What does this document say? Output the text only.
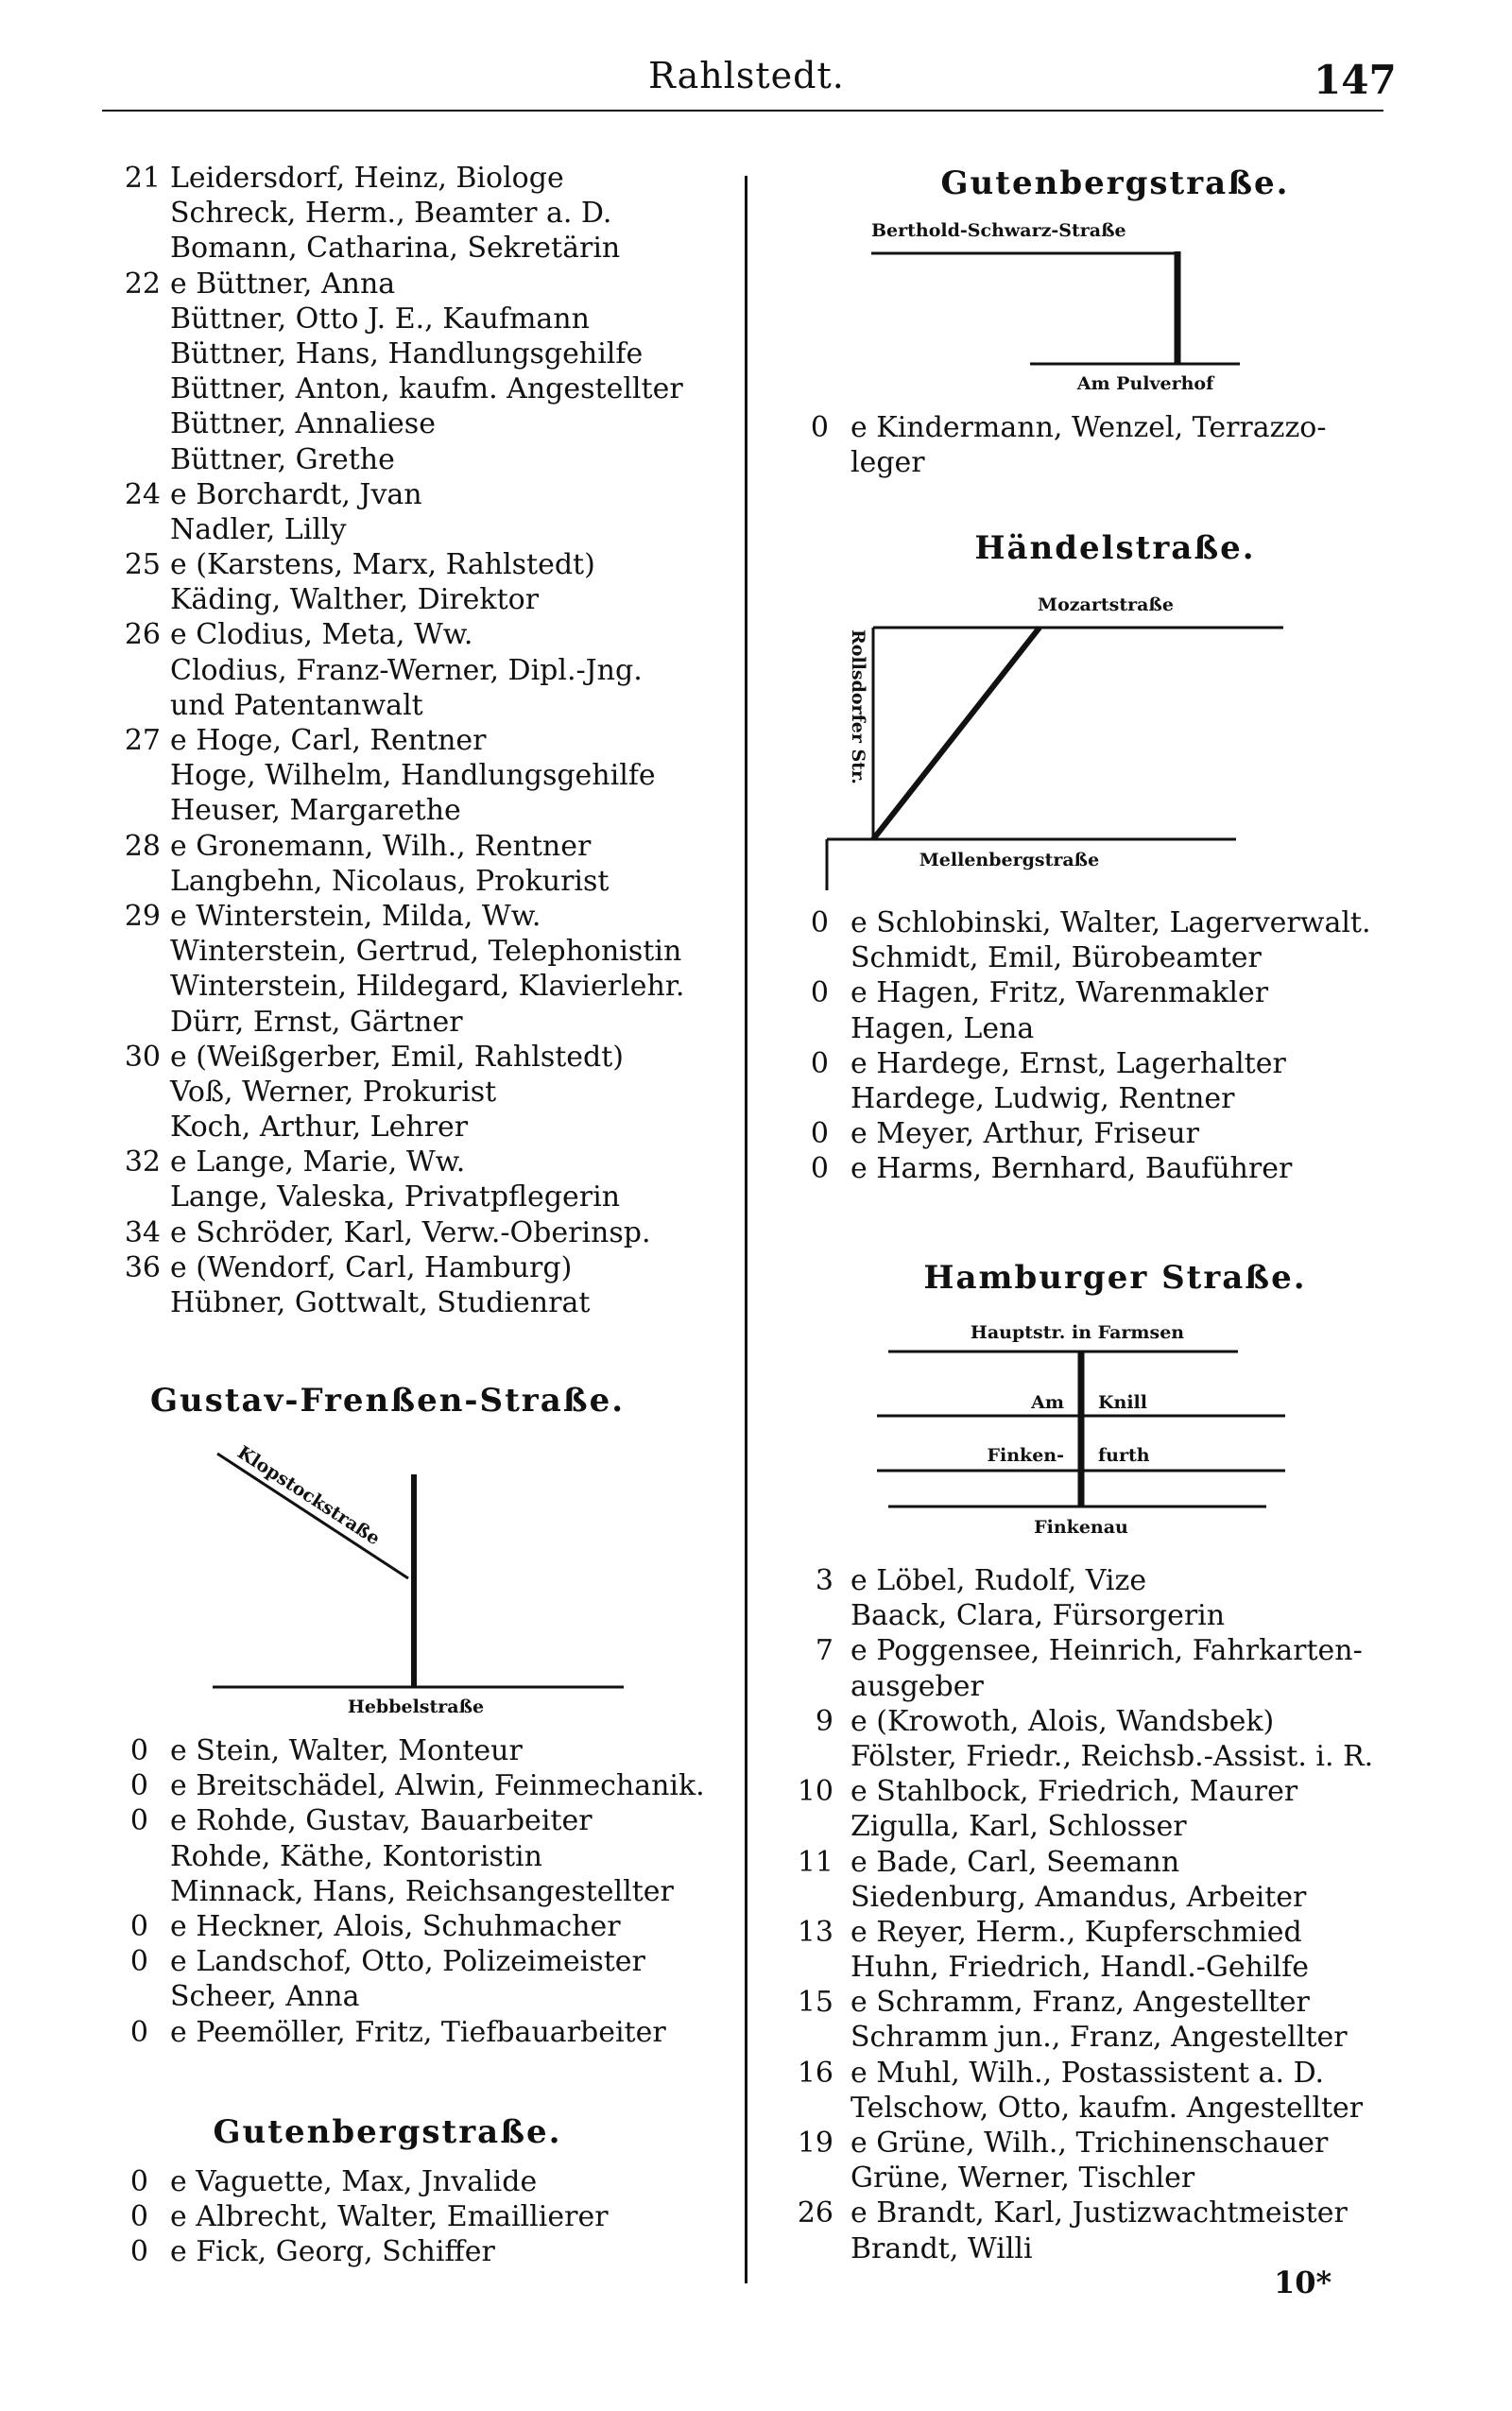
Rahlstedt.	147
21 Leidersdorf, Heinz, Biologe
Schreck, Herm., Beamter a. D.
Bomann, Catharina, Sekretärin
22 e Büttner, Anna
Büttner, Otto J. E., Kaufmann
Büttner, Hans, Handlungsgehilfe
Büttner, Anton, kaufm. Angestellter
Büttner, Annaliese
Büttner, Grethe
24 e Borchardt, Jvan
Nadler, Lilly
25 e (Karstens, Marx, Rahlstedt)
Käding, Walther, Direktor
26 e Clodius, Meta, Ww.
Clodius, Franz-Werner, Dipl.-Jng.
und Patentanwalt
27 e Hoge, Carl, Rentner
Hoge, Wilhelm, Handlungsgehilfe
Heuser, Margarethe
28 e Gronemann, Wilh., Rentner
Langbehn, Nicolaus, Prokurist
29 e Winterstein, Milda, Ww.
Winterstein, Gertrud, Telephonistin
Winterstein, Hildegard, Klavierlehr.
Dürr, Ernst, Gärtner
30 e (Weißgerber, Emil, Rahlstedt)
Voß, Werner, Prokurist
Koch, Arthur, Lehrer
32 e Lange, Marie, Ww.
Lange, Valeska, Privatpflegerin
34 e Schröder, Karl, Verw.-Oberinsp.
36 e (Wendorf, Carl, Hamburg)
Hübner, Gottwalt, Studienrat
Gustav-Frenßen-Straße.
Klopstockstraße
Hebbelstraße
0 e Stein, Walter, Monteur
0 e Breitschädel, Alwin, Feinmechanik.
0 e Rohde, Gustav, Bauarbeiter
Rohde, Käthe, Kontoristin
Minnack, Hans, Reichsangestellter
0 e Heckner, Alois, Schuhmacher
0 e Landschof, Otto, Polizeimeister
Scheer, Anna
0 e Peemöller, Fritz, Tiefbauarbeiter
Gutenbergstraße.
0 e Vaguette, Max, Jnvalide
0 e Albrecht, Walter, Emaillierer
0 e Fick, Georg, Schiffer
Gutenbergstraße.
Berthold-Schwarz-Straße
Am Pulverhof
0 e Kindermann, Wenzel, Terrazzo-
leger
Händelstraße.
Mozartstraße
Rollsdorfer Str.
Mellenbergstraße
0 e Schlobinski, Walter, Lagerverwalt.
Schmidt, Emil, Bürobeamter
0 e Hagen, Fritz, Warenmakler
Hagen, Lena
0 e Hardege, Ernst, Lagerhalter
Hardege, Ludwig, Rentner
0 e Meyer, Arthur, Friseur
0 e Harms, Bernhard, Bauführer
Hamburger Straße.
Hauptstr. in Farmsen
Am Knill
Finken- furth
Finkenau
3 e Löbel, Rudolf, Vize
Baack, Clara, Fürsorgerin
7 e Poggensee, Heinrich, Fahrkarten-
ausgeber
9 e (Krowoth, Alois, Wandsbek)
Fölster, Friedr., Reichsb.-Assist. i. R.
10 e Stahlbock, Friedrich, Maurer
Zigulla, Karl, Schlosser
11 e Bade, Carl, Seemann
Siedenburg, Amandus, Arbeiter
13 e Reyer, Herm., Kupferschmied
Huhn, Friedrich, Handl.-Gehilfe
15 e Schramm, Franz, Angestellter
Schramm jun., Franz, Angestellter
16 e Muhl, Wilh., Postassistent a. D.
Telschow, Otto, kaufm. Angestellter
19 e Grüne, Wilh., Trichinenschauer
Grüne, Werner, Tischler
26 e Brandt, Karl, Justizwachtmeister
Brandt, Willi
10*
